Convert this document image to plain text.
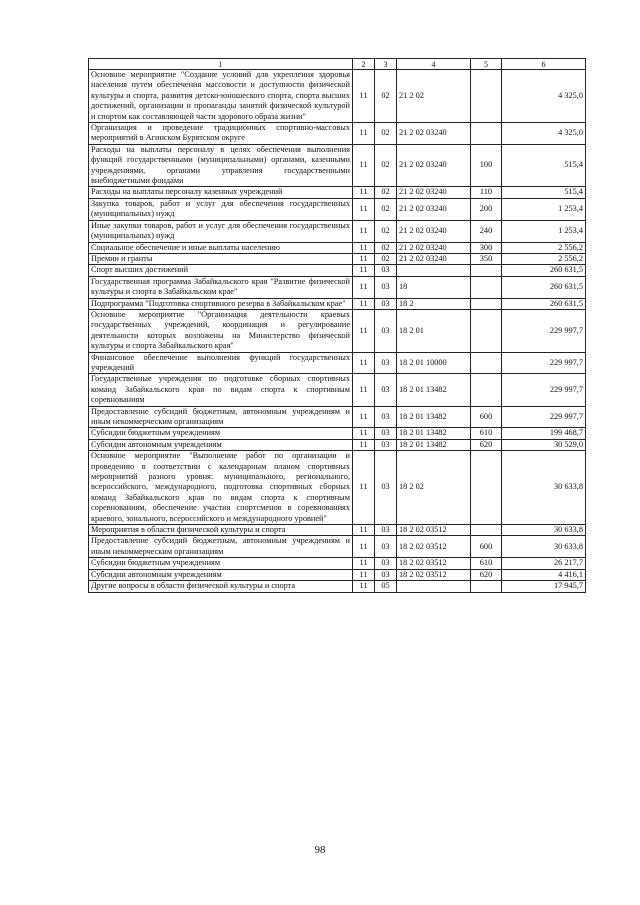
1	2	3	4	5	6
Основное мероприятие "Создание условий для укрепления здоровья населения путем обеспечения массовости и доступности физической культуры и спорта, развития детско-юношеского спорта, спорта высших достижений, организации и пропаганды занятий физической культурой и спортом как составляющей части здорового образа жизни"	11	02	21 2 02		4 325,0
Организация и проведение традиционных спортивно-массовых мероприятий в Агинском Бурятском округе	11	02	21 2 02 03240		4 325,0
Расходы на выплаты персоналу в целях обеспечения выполнения функций государственными (муниципальными) органами, казенными учреждениями, органами управления государственными внебюджетными фондами	11	02	21 2 02 03240	100	515,4
Расходы на выплаты персоналу казенных учреждений	11	02	21 2 02 03240	110	515,4
Закупка товаров, работ и услуг для обеспечения государственных (муниципальных) нужд	11	02	21 2 02 03240	200	1 253,4
Иные закупки товаров, работ и услуг для обеспечения государственных (муниципальных) нужд	11	02	21 2 02 03240	240	1 253,4
Социальное обеспечение и иные выплаты населению	11	02	21 2 02 03240	300	2 556,2
Премии и гранты	11	02	21 2 02 03240	350	2 556,2
Спорт высших достижений	11	03			260 631,5
Государственная программа Забайкальского края "Развитие физической культуры и спорта в Забайкальском крае"	11	03	18		260 631,5
Подпрограмма "Подготовка спортивного резерва в Забайкальском крае"	11	03	18 2		260 631,5
Основное мероприятие "Организация деятельности краевых государственных учреждений, координация и регулирование деятельности которых возложены на Министерство физической культуры и спорта Забайкальского края"	11	03	18 2 01		229 997,7
Финансовое обеспечение выполнения функций государственных учреждений	11	03	18 2 01 10000		229 997,7
Государственные учреждения по подготовке сборных спортивных команд Забайкальского края по видам спорта к спортивным соревнованиям	11	03	18 2 01 13482		229 997,7
Предоставление субсидий бюджетным, автономным учреждениям и иным некоммерческим организациям	11	03	18 2 01 13482	600	229 997,7
Субсидии бюджетным учреждениям	11	03	18 2 01 13482	610	199 468,7
Субсидии автономным учреждениям	11	03	18 2 01 13482	620	30 529,0
Основное мероприятие "Выполнение работ по организации и проведению в соответствии с календарным планом спортивных мероприятий разного уровня: муниципального, регионального, всероссийского, международного, подготовка спортивных сборных команд Забайкальского края по видам спорта к спортивным соревнованиям, обеспечение участия спортсменов в соревнованиях краевого, зонального, всероссийского и международного уровней"	11	03	18 2 02		30 633,8
Мероприятия в области физической культуры и спорта	11	03	18 2 02 03512		30 633,8
Предоставление субсидий бюджетным, автономным учреждениям и иным некоммерческим организациям	11	03	18 2 02 03512	600	30 633,8
Субсидии бюджетным учреждениям	11	03	18 2 02 03512	610	26 217,7
Субсидии автономным учреждениям	11	03	18 2 02 03512	620	4 416,1
Другие вопросы в области физической культуры и спорта	11	05			17 945,7
98
